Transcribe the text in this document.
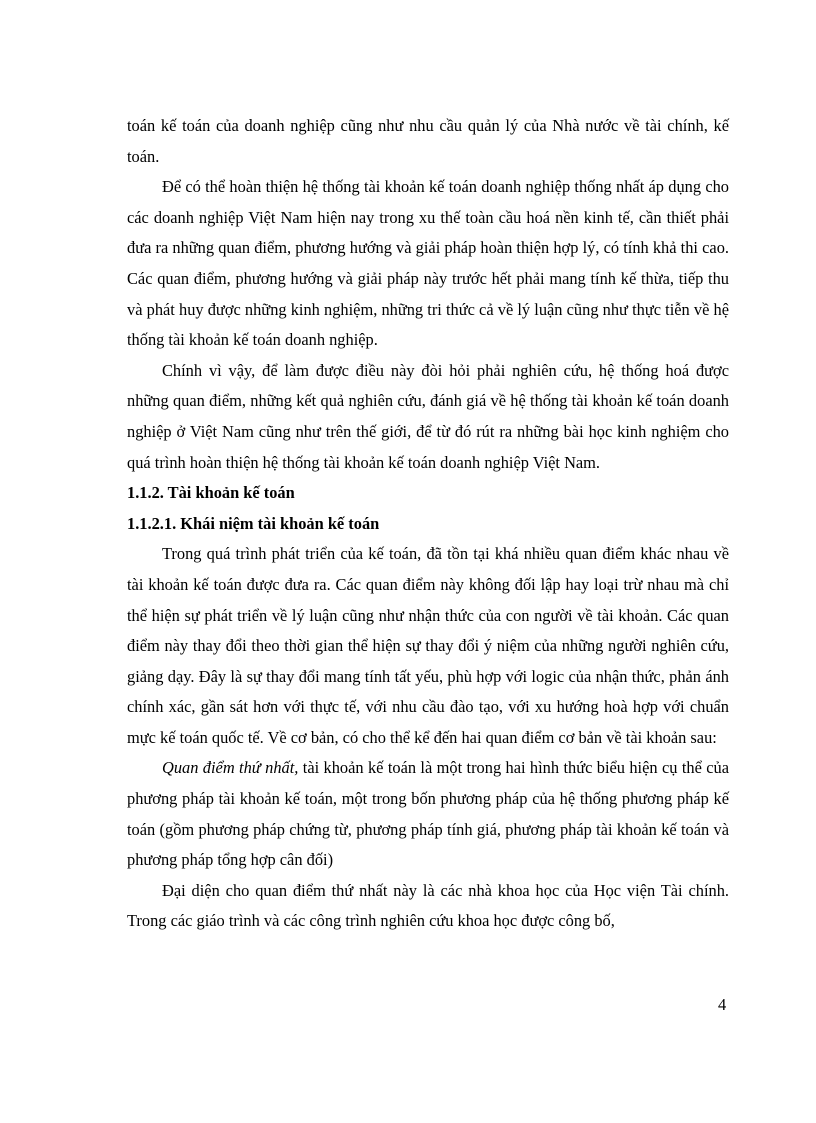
toán kế toán của doanh nghiệp cũng như nhu cầu quản lý của Nhà nước về tài chính, kế toán.

Để có thể hoàn thiện hệ thống tài khoản kế toán doanh nghiệp thống nhất áp dụng cho các doanh nghiệp Việt Nam hiện nay trong xu thế toàn cầu hoá nền kinh tế, cần thiết phải đưa ra những quan điểm, phương hướng và giải pháp hoàn thiện hợp lý, có tính khả thi cao. Các quan điểm, phương hướng và giải pháp này trước hết phải mang tính kế thừa, tiếp thu và phát huy được những kinh nghiệm, những tri thức cả về lý luận cũng như thực tiễn về hệ thống tài khoản kế toán doanh nghiệp.

Chính vì vậy, để làm được điều này đòi hỏi phải nghiên cứu, hệ thống hoá được những quan điểm, những kết quả nghiên cứu, đánh giá về hệ thống tài khoản kế toán doanh nghiệp ở Việt Nam cũng như trên thế giới, để từ đó rút ra những bài học kinh nghiệm cho quá trình hoàn thiện hệ thống tài khoản kế toán doanh nghiệp Việt Nam.

1.1.2. Tài khoản kế toán
1.1.2.1. Khái niệm tài khoản kế toán

Trong quá trình phát triển của kế toán, đã tồn tại khá nhiều quan điểm khác nhau về tài khoản kế toán được đưa ra. Các quan điểm này không đối lập hay loại trừ nhau mà chỉ thể hiện sự phát triển về lý luận cũng như nhận thức của con người về tài khoản. Các quan điểm này thay đổi theo thời gian thể hiện sự thay đổi ý niệm của những người nghiên cứu, giảng dạy. Đây là sự thay đổi mang tính tất yếu, phù hợp với logic của nhận thức, phản ánh chính xác, gần sát hơn với thực tế, với nhu cầu đào tạo, với xu hướng hoà hợp với chuẩn mực kế toán quốc tế. Về cơ bản, có cho thể kể đến hai quan điểm cơ bản về tài khoản sau:

Quan điểm thứ nhất, tài khoản kế toán là một trong hai hình thức biểu hiện cụ thể của phương pháp tài khoản kế toán, một trong bốn phương pháp của hệ thống phương pháp kế toán (gồm phương pháp chứng từ, phương pháp tính giá, phương pháp tài khoản kế toán và phương pháp tổng hợp cân đối)

Đại diện cho quan điểm thứ nhất này là các nhà khoa học của Học viện Tài chính. Trong các giáo trình và các công trình nghiên cứu khoa học được công bố,

4
